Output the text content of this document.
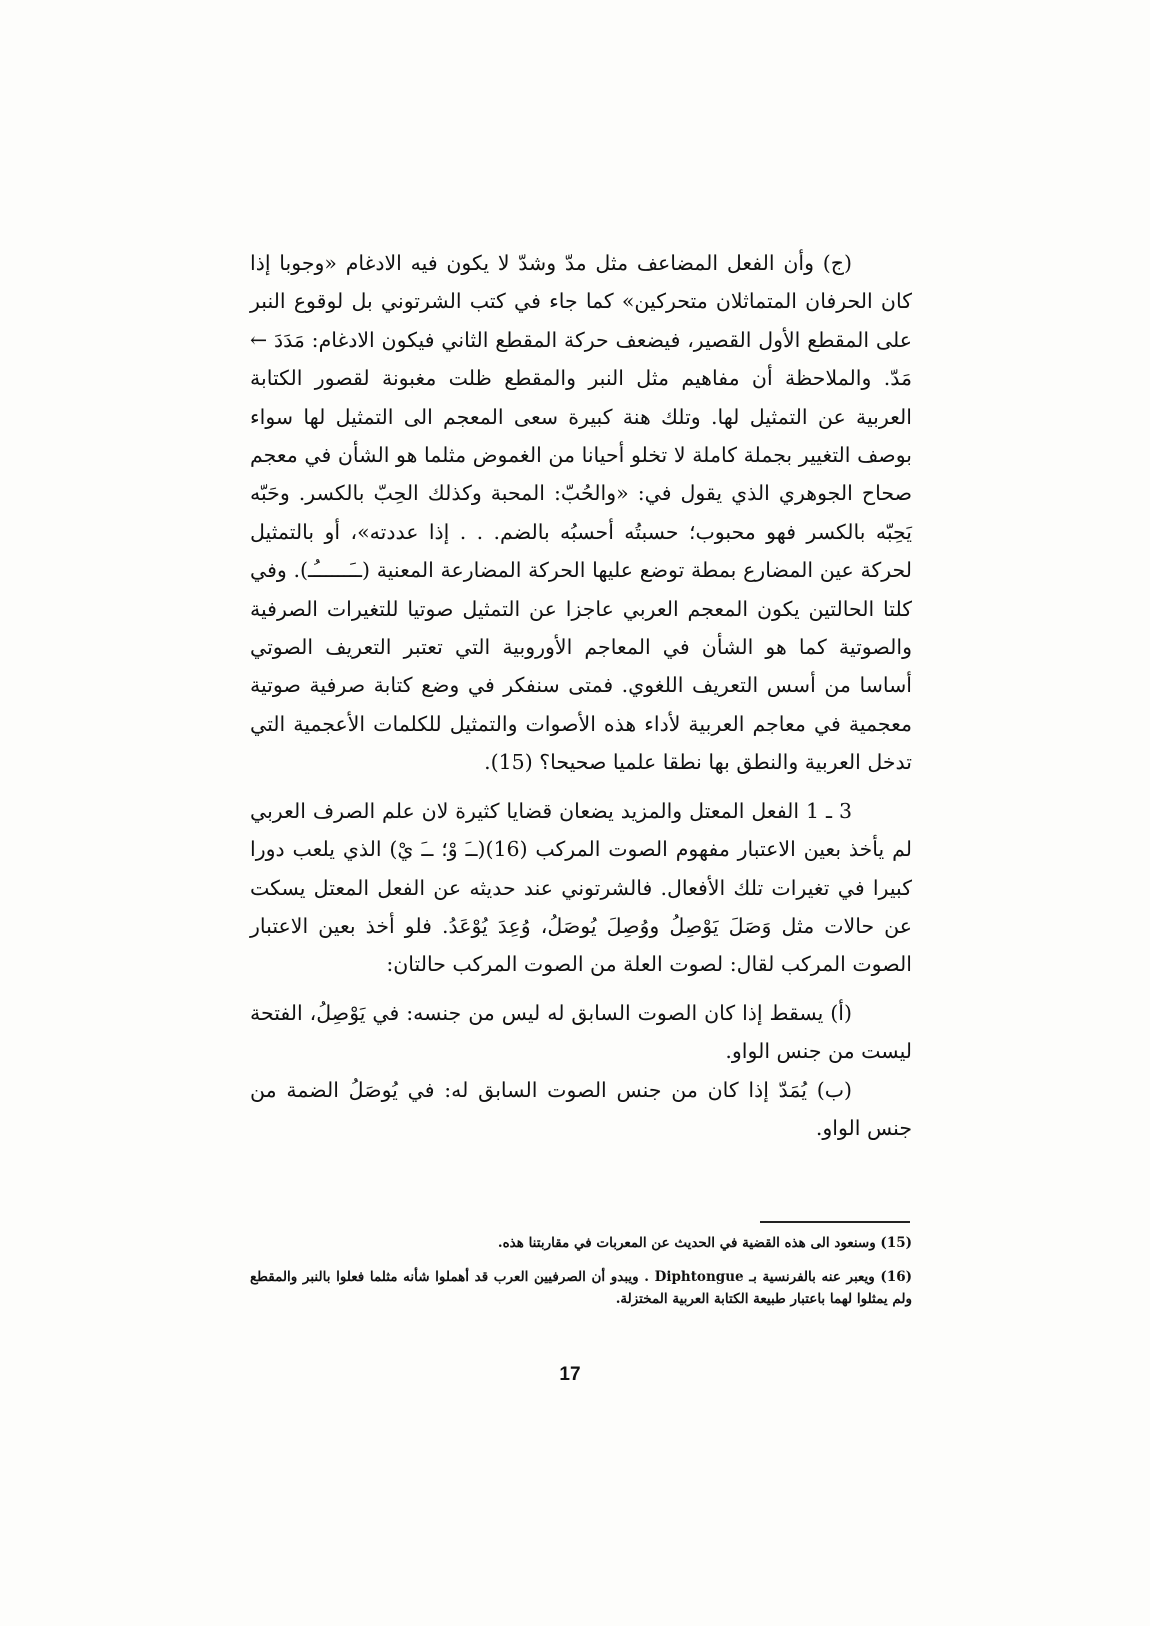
(ج) وأن الفعل المضاعف مثل مدّ وشدّ لا يكون فيه الادغام «وجوبا إذا كان الحرفان المتماثلان متحركين» كما جاء في كتب الشرتوني بل لوقوع النبر على المقطع الأول القصير، فيضعف حركة المقطع الثاني فيكون الادغام: مَدَدَ ← مَدّ. والملاحظة أن مفاهيم مثل النبر والمقطع ظلت مغبونة لقصور الكتابة العربية عن التمثيل لها. وتلك هنة كبيرة سعى المعجم الى التمثيل لها سواء بوصف التغيير بجملة كاملة لا تخلو أحيانا من الغموض مثلما هو الشأن في معجم صحاح الجوهري الذي يقول في: «والحُبّ: المحبة وكذلك الحِبّ بالكسر. وحَبّه يَحِبّه بالكسر فهو محبوب؛ حسبتُه أحسبُه بالضم. . . إذا عددته»، أو بالتمثيل لحركة عين المضارع بمطة توضع عليها الحركة المضارعة المعنية (ــَــــــُـ). وفي كلتا الحالتين يكون المعجم العربي عاجزا عن التمثيل صوتيا للتغيرات الصرفية والصوتية كما هو الشأن في المعاجم الأوروبية التي تعتبر التعريف الصوتي أساسا من أسس التعريف اللغوي. فمتى سنفكر في وضع كتابة صرفية صوتية معجمية في معاجم العربية لأداء هذه الأصوات والتمثيل للكلمات الأعجمية التي تدخل العربية والنطق بها نطقا علميا صحيحا؟ (15).

3 ـ 1 الفعل المعتل والمزيد يضعان قضايا كثيرة لان علم الصرف العربي لم يأخذ بعين الاعتبار مفهوم الصوت المركب (16)(ــَ وْ؛ ــَ يْ) الذي يلعب دورا كبيرا في تغيرات تلك الأفعال. فالشرتوني عند حديثه عن الفعل المعتل يسكت عن حالات مثل وَصَلَ يَوْصِلُ ووُصِلَ يُوصَلُ، وُعِدَ يُوْعَدُ. فلو أخذ بعين الاعتبار الصوت المركب لقال: لصوت العلة من الصوت المركب حالتان:

(أ) يسقط إذا كان الصوت السابق له ليس من جنسه: في يَوْصِلُ، الفتحة ليست من جنس الواو.

(ب) يُمَدّ إذا كان من جنس الصوت السابق له: في يُوصَلُ الضمة من جنس الواو.

(15) وسنعود الى هذه القضية في الحديث عن المعربات في مقاربتنا هذه.

(16) ويعبر عنه بالفرنسية بـ Diphtongue . ويبدو أن الصرفيين العرب قد أهملوا شأنه مثلما فعلوا بالنبر والمقطع ولم يمثلوا لهما باعتبار طبيعة الكتابة العربية المختزلة.

17
